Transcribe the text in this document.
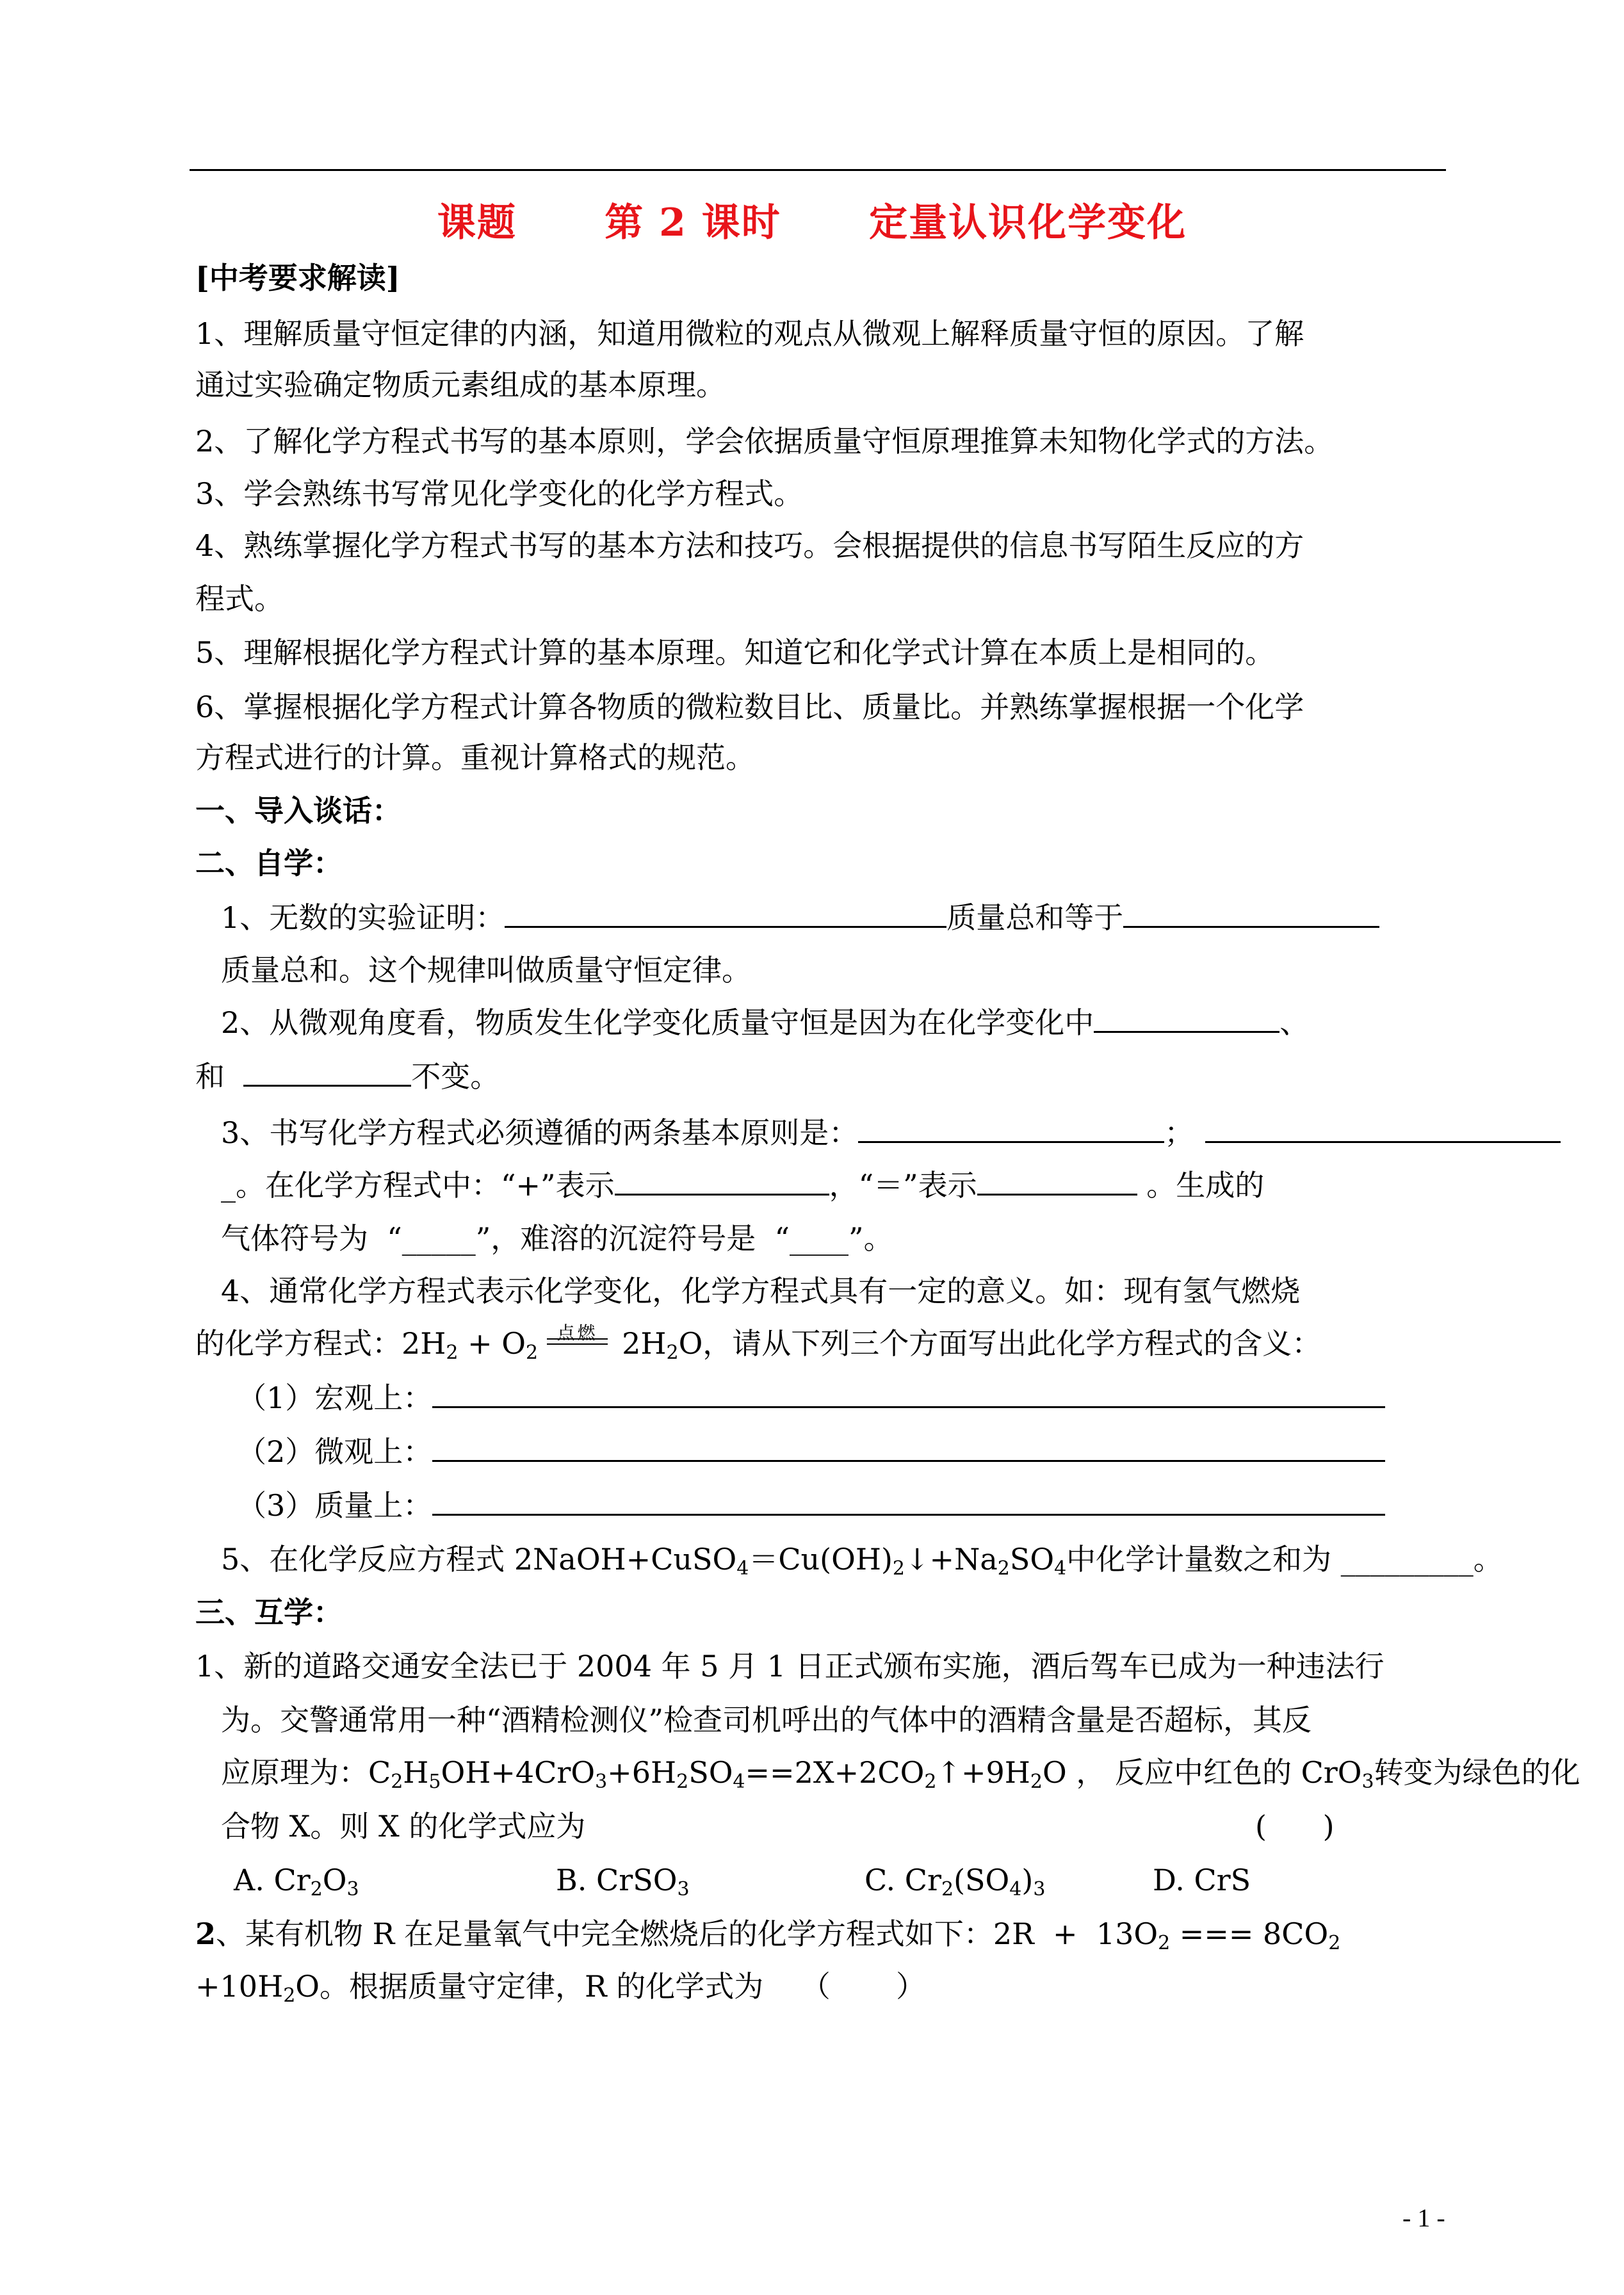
课题      第 2 课时      定量认识化学变化
[中考要求解读]
1、理解质量守恒定律的内涵，知道用微粒的观点从微观上解释质量守恒的原因。了解
通过实验确定物质元素组成的基本原理。
2、了解化学方程式书写的基本原则，学会依据质量守恒原理推算未知物化学式的方法。
3、学会熟练书写常见化学变化的化学方程式。
4、熟练掌握化学方程式书写的基本方法和技巧。会根据提供的信息书写陌生反应的方
程式。
5、理解根据化学方程式计算的基本原理。知道它和化学式计算在本质上是相同的。
6、掌握根据化学方程式计算各物质的微粒数目比、质量比。并熟练掌握根据一个化学
方程式进行的计算。重视计算格式的规范。
一、导入谈话：
二、自学：
1、无数的实验证明：	质量总和等于
质量总和。这个规律叫做质量守恒定律。
2、从微观角度看，物质发生化学变化质量守恒是因为在化学变化中	、
和	不变。
3、书写化学方程式必须遵循的两条基本原则是：	；
_。在化学方程式中：“+”表示	，“＝”表示	。生成的
气体符号为  “_____”，难溶的沉淀符号是  “____”。
4、通常化学方程式表示化学变化，化学方程式具有一定的意义。如：现有氢气燃烧
的化学方程式：$2H_2 + O_2$
点燃 $2H_2O$，请从下列三个方面写出此化学方程式的含义：
（1）宏观上：
（2）微观上：
（3）质量上：
5、在化学反应方程式 $2NaOH+CuSO_4=Cu(OH)_2↓+Na_2SO_4$中化学计量数之和为 _________。
三、互学：
1、新的道路交通安全法已于 2004 年 5 月 1 日正式颁布实施，酒后驾车已成为一种违法行
为。交警通常用一种“酒精检测仪”检查司机呼出的气体中的酒精含量是否超标，其反
应原理为：$C_2H_5OH+4CrO_3+6H_2SO_4==2X+2CO_2↑+9H_2O$ ， 反应中红色的 CrO$_3$转变为绿色的化
合物 X。则 X 的化学式应为	(      )
A. $Cr_2O_3$	B. CrSO$_3$	C. $Cr_2(SO_4)_3$	D. CrS
2、某有机物 R 在足量氧气中完全燃烧后的化学方程式如下：$2R + 13O_2$ === $8CO_2$
$+10H_2O$。根据质量守定律，R 的化学式为    （       ）
- 1 -
